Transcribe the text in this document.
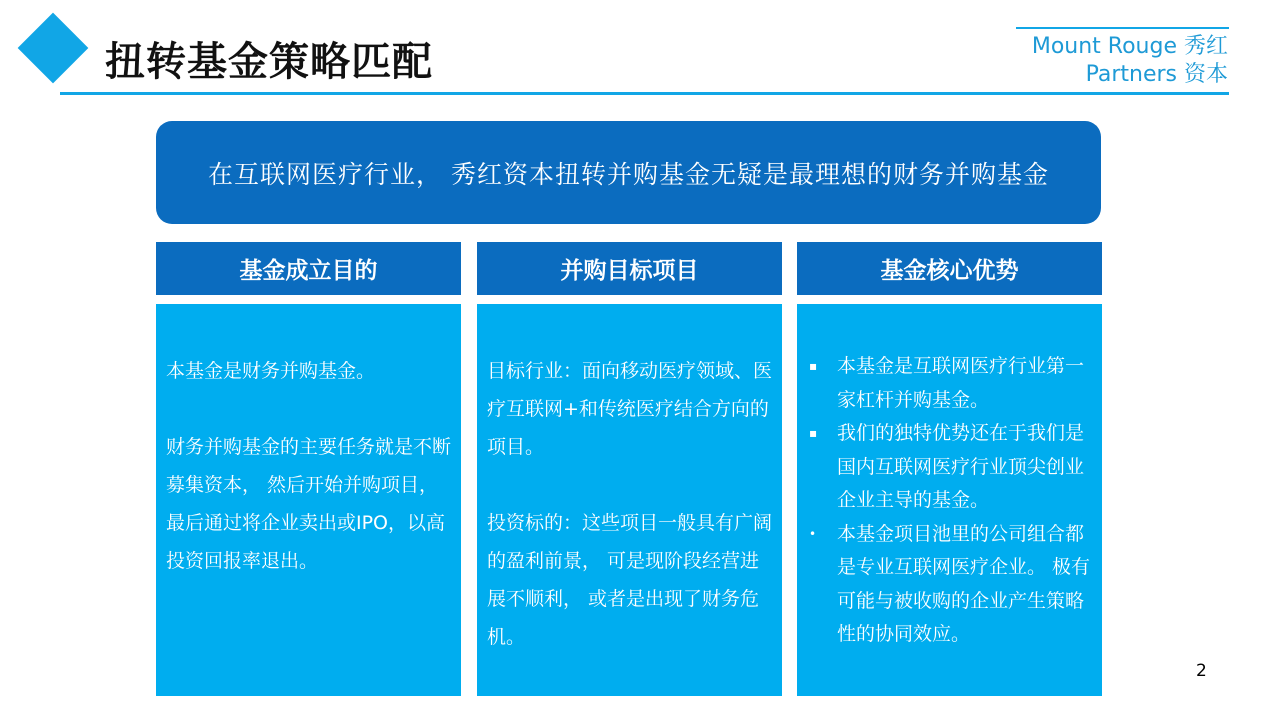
扭转基金策略匹配	Mount Rouge 秀红
Partners 资本
在互联网医疗行业， 秀红资本扭转并购基金无疑是最理想的财务并购基金
基金成立目的

本基金是财务并购基金。

财务并购基金的主要任务就是不断募集资本， 然后开始并购项目， 最后通过将企业卖出或IPO，以高投资回报率退出。

并购目标项目

目标行业：面向移动医疗领域、医疗互联网+和传统医疗结合方向的项目。

投资标的：这些项目一般具有广阔的盈利前景， 可是现阶段经营进展不顺利， 或者是出现了财务危机。

基金核心优势
▪ 本基金是互联网医疗行业第一家杠杆并购基金。
▪ 我们的独特优势还在于我们是国内互联网医疗行业顶尖创业企业主导的基金。
• 本基金项目池里的公司组合都是专业互联网医疗企业。 极有可能与被收购的企业产生策略性的协同效应。
2
